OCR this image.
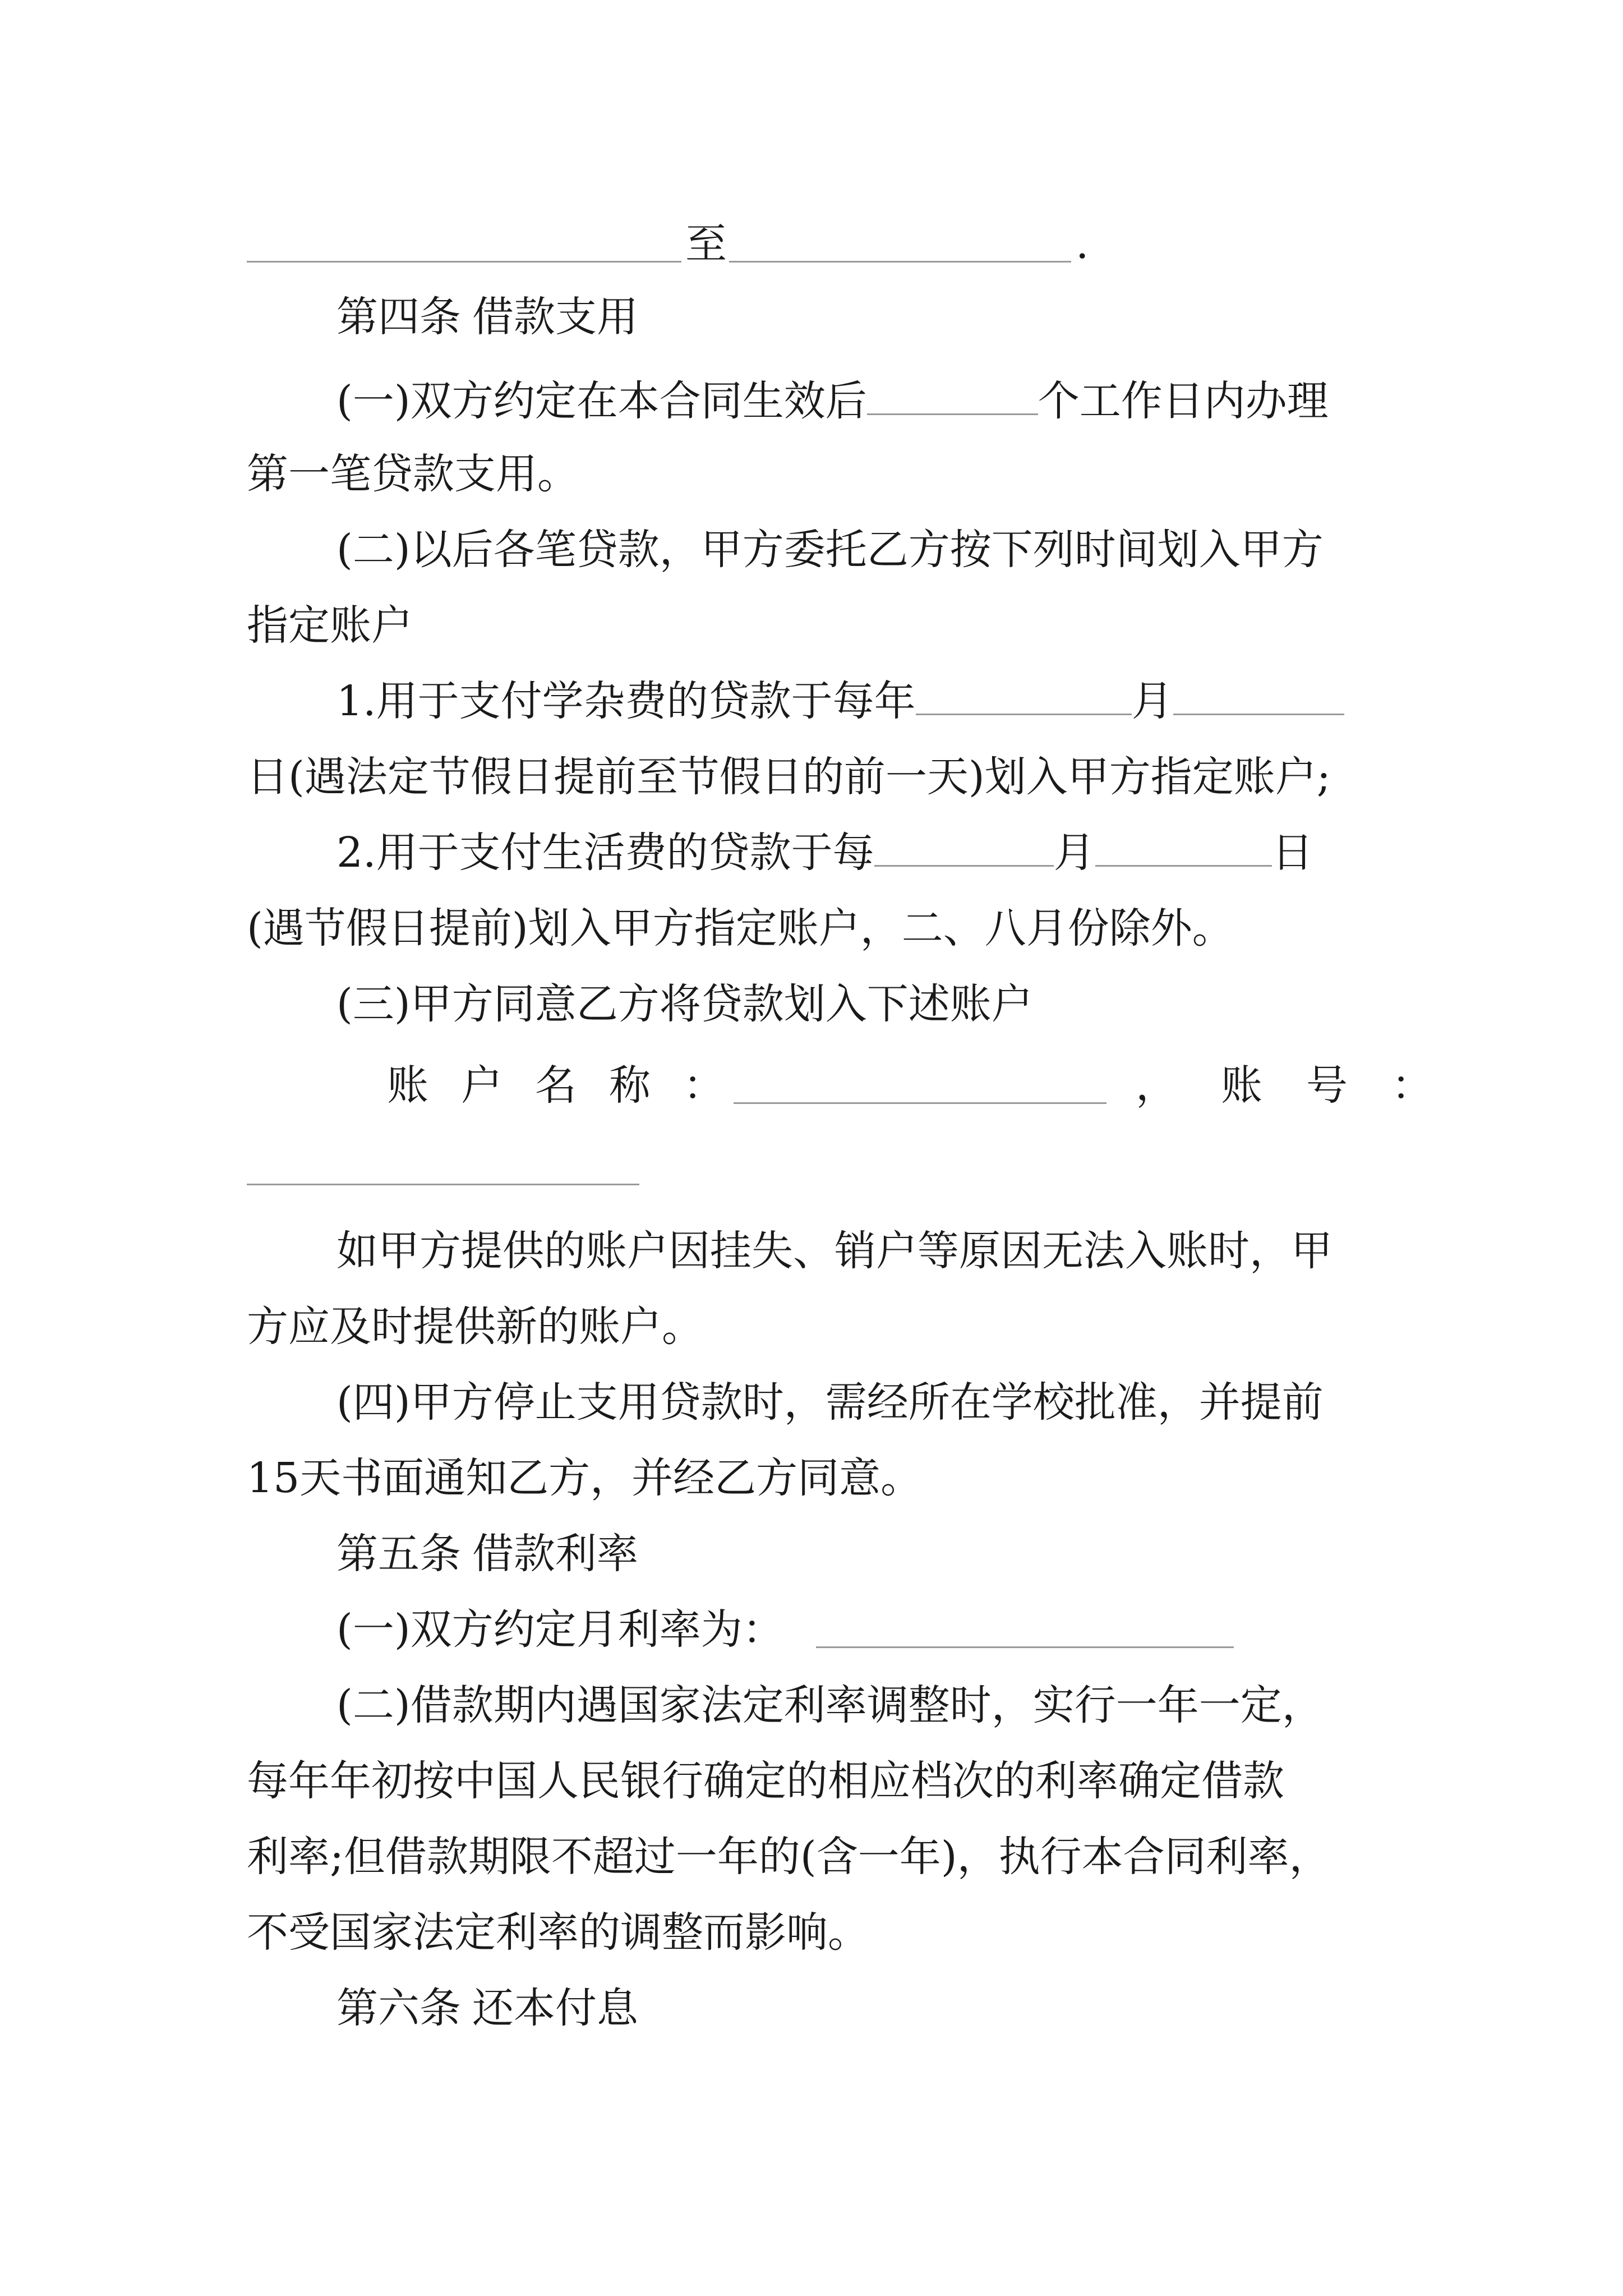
至	.
第四条 借款支用
(一)双方约定在本合同生效后	个工作日内办理
第一笔贷款支用。
(二)以后各笔贷款，甲方委托乙方按下列时间划入甲方
指定账户
1.用于支付学杂费的贷款于每年	月
日(遇法定节假日提前至节假日的前一天)划入甲方指定账户;
2.用于支付生活费的贷款于每	月	日
(遇节假日提前)划入甲方指定账户，二、八月份除外。
(三)甲方同意乙方将贷款划入下述账户
账户名称：	，账号：
如甲方提供的账户因挂失、销户等原因无法入账时，甲
方应及时提供新的账户。
(四)甲方停止支用贷款时，需经所在学校批准，并提前
15天书面通知乙方，并经乙方同意。
第五条 借款利率
(一)双方约定月利率为：
(二)借款期内遇国家法定利率调整时，实行一年一定，
每年年初按中国人民银行确定的相应档次的利率确定借款
利率;但借款期限不超过一年的(含一年)，执行本合同利率，
不受国家法定利率的调整而影响。
第六条 还本付息
